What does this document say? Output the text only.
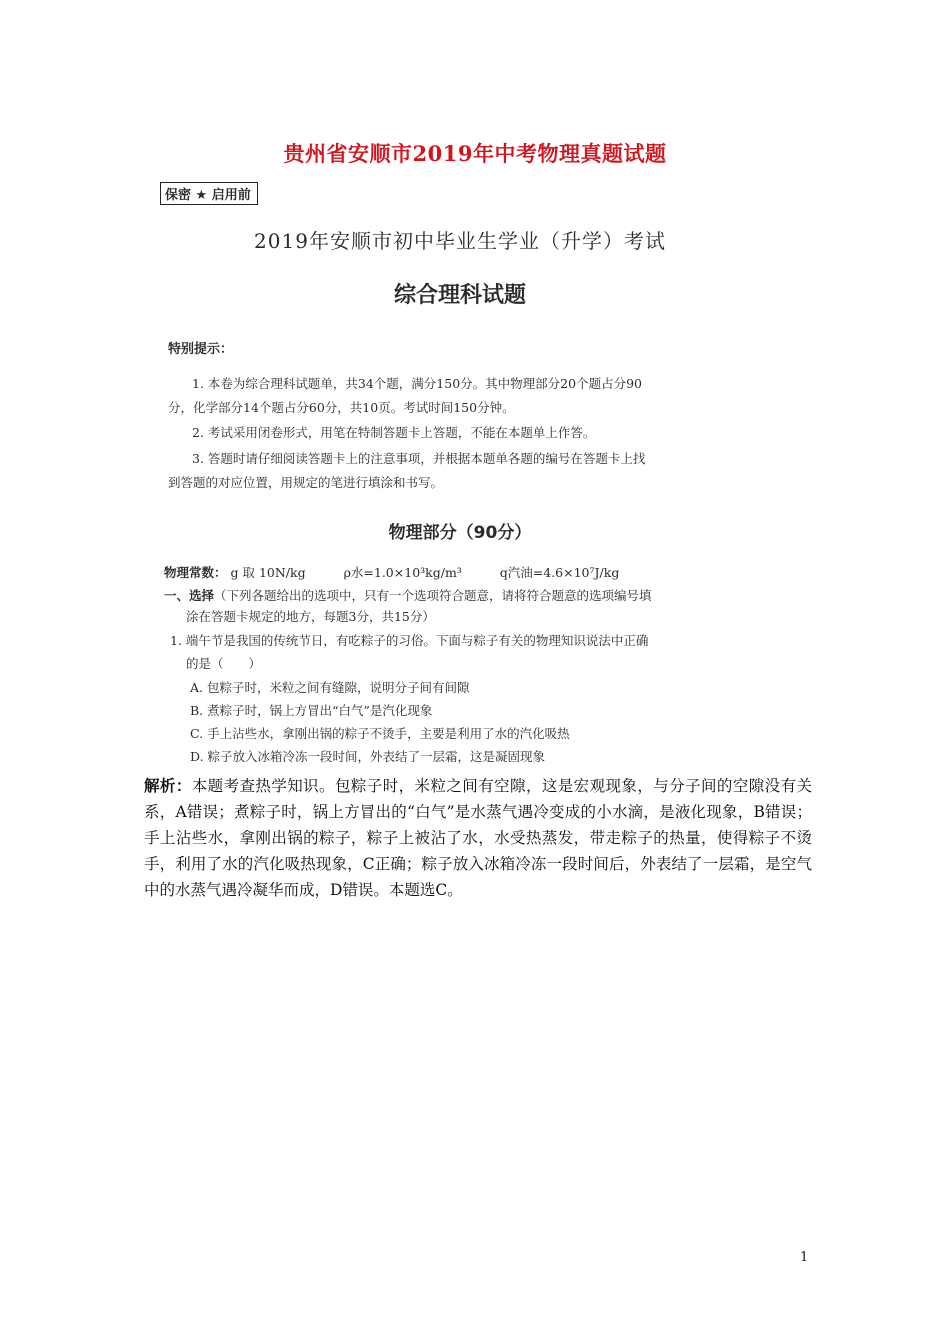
贵州省安顺市2019年中考物理真题试题
保密 ★ 启用前
2019年安顺市初中毕业生学业（升学）考试
综合理科试题
特别提示：
1. 本卷为综合理科试题单，共34个题，满分150分。其中物理部分20个题占分90
分，化学部分14个题占分60分，共10页。考试时间150分钟。
2. 考试采用闭卷形式，用笔在特制答题卡上答题，不能在本题单上作答。
3. 答题时请仔细阅读答题卡上的注意事项，并根据本题单各题的编号在答题卡上找
到答题的对应位置，用规定的笔进行填涂和书写。
物理部分（90分）
物理常数： g 取 10N/kg	ρ水=1.0×10³kg/m³	q汽油=4.6×10⁷J/kg
一、选择（下列各题给出的选项中，只有一个选项符合题意，请将符合题意的选项编号填
涂在答题卡规定的地方，每题3分，共15分）
1. 端午节是我国的传统节日，有吃粽子的习俗。下面与粽子有关的物理知识说法中正确
的是（　　）
A. 包粽子时，米粒之间有缝隙，说明分子间有间隙
B. 煮粽子时，锅上方冒出“白气”是汽化现象
C. 手上沾些水，拿刚出锅的粽子不烫手，主要是利用了水的汽化吸热
D. 粽子放入冰箱冷冻一段时间，外表结了一层霜，这是凝固现象
解析：本题考查热学知识。包粽子时，米粒之间有空隙，这是宏观现象，与分子间的空隙没有关系，A错误；煮粽子时，锅上方冒出的“白气”是水蒸气遇冷变成的小水滴，是液化现象，B错误；手上沾些水，拿刚出锅的粽子，粽子上被沾了水，水受热蒸发，带走粽子的热量，使得粽子不烫手，利用了水的汽化吸热现象，C正确；粽子放入冰箱冷冻一段时间后，外表结了一层霜，是空气中的水蒸气遇冷凝华而成，D错误。本题选C。
1
